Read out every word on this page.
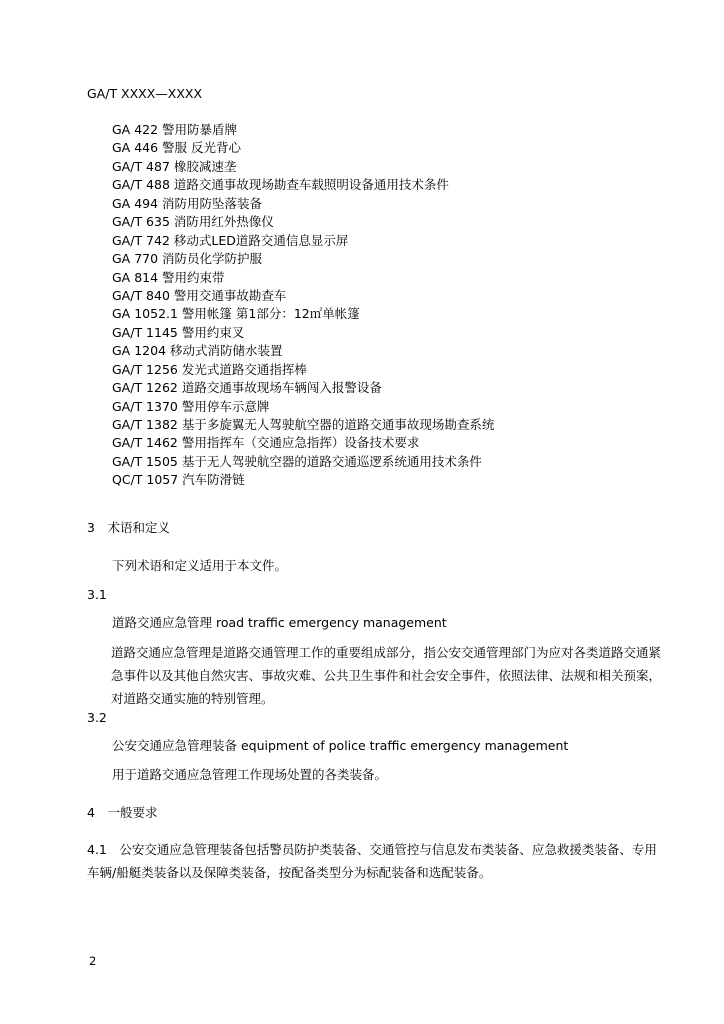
GA/T XXXX—XXXX
GA 422 警用防暴盾牌
GA 446 警服 反光背心
GA/T 487 橡胶减速垄
GA/T 488 道路交通事故现场勘查车载照明设备通用技术条件
GA 494 消防用防坠落装备
GA/T 635 消防用红外热像仪
GA/T 742 移动式LED道路交通信息显示屏
GA 770 消防员化学防护服
GA 814 警用约束带
GA/T 840 警用交通事故勘查车
GA 1052.1 警用帐篷 第1部分：12㎡单帐篷
GA/T 1145 警用约束叉
GA 1204 移动式消防储水装置
GA/T 1256 发光式道路交通指挥棒
GA/T 1262 道路交通事故现场车辆闯入报警设备
GA/T 1370 警用停车示意牌
GA/T 1382 基于多旋翼无人驾驶航空器的道路交通事故现场勘查系统
GA/T 1462 警用指挥车（交通应急指挥）设备技术要求
GA/T 1505 基于无人驾驶航空器的道路交通巡逻系统通用技术条件
QC/T 1057 汽车防滑链
3　术语和定义
下列术语和定义适用于本文件。
3.1
道路交通应急管理 road traffic emergency management
道路交通应急管理是道路交通管理工作的重要组成部分，指公安交通管理部门为应对各类道路交通紧急事件以及其他自然灾害、事故灾难、公共卫生事件和社会安全事件，依照法律、法规和相关预案，对道路交通实施的特别管理。
3.2
公安交通应急管理装备 equipment of police traffic emergency management
用于道路交通应急管理工作现场处置的各类装备。
4　一般要求
4.1　公安交通应急管理装备包括警员防护类装备、交通管控与信息发布类装备、应急救援类装备、专用车辆/船艇类装备以及保障类装备，按配备类型分为标配装备和选配装备。
2
